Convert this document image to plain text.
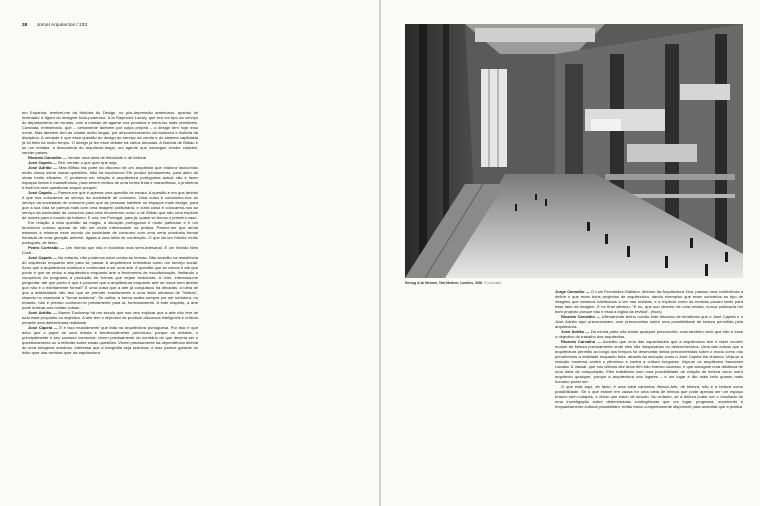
38 Jornal Arquitectos / 233

em Espanha, lembrei-me da História do Design, no pós-depressão americano, quando foi inventado a figura do designer todo-poderoso, à la Raymond Loewy, que era um tipo ao serviço do departamento de vendas, com a missão de agarrar nos produtos e torná-los mais vendáveis. Constata, entristecido, que – certamente também por culpa própria – o design tem hoje mau nome. Mas também tem as costas muito largas, por desconhecimento da natureza e história da disciplina. A verdade é que essa questão do design ao serviço da venda e do sistema capitalista já foi feita há muito tempo. O design já fez esse debate há vários décadas. A história de Bilbau é só um remake, a descoberta do arquitecto-mago, um agente que consegue vender cidades, vender países.

Ricardo Carvalho — Vender uma ideia de felicidade e de beleza!

José Capela — Sim, vender o que quer que seja.

José Adrião — Mas Bilbau faz parte do discurso de um arquitecto que elabora raciocínios muito claros sobre essas questões. Não há equívocos! Ele produz pensamento, para além de obras muito eficazes. O problema em relação à arquitectura portuguesa actual não é fazer espaços lindos e maravilhosos, para serem vividos de uma forma linda e maravilhosa, o problema é fazê-los sem questionar sequer porquê!

José Capela — Parece-me que é apenas uma questão de escala. A questão é em que âmbito é que nos colocamos ao serviço da sociedade de consumo. Uma coisa é colocarmo-nos ao serviço da sociedade de consumo para que as pessoas habitem os espaços mais design, para que a sua vida se pareça mais com uma imagem publicitária, e outra coisa é colocarmo-nos ao serviço da sociedade de consumo para criar fenómenos como o de Bilbau que são uma espécie de ícones para o mundo do turismo. E nós, em Portugal, para já, quase só temos o primeiro caso.

Em relação a esta questão da magia, a situação portuguesa é muito particular e é um fenómeno curioso apesar de não ser muito interessante na prática. Parece-me que ainda estamos a misturar esse mundo da sociedade de consumo com uma certa ortodoxia formal herdada de uma geração anterior, ligada a uma ideia de contenção. O que dá um híbrido muito português, de facto.

Pedro Cortesão — Um híbrido que não é industrial mas semi-artesanal. É um híbrido New Craft...

José Capela — No entanto, não podemos estar contra as formas. Não acredito na resistência do arquitecto enquanto arte para se passar à arquitectura entendida como um serviço social. Acho que a arquitectura continua e continuará a ser uma arte. A questão que se coloca é até que ponto é que se reduz a arquitectura enquanto arte a fenómenos de esculturização, limitando o cumprindo do programa à produção de formas que sejam sedutoras. A mim, interessa-me perguntar: até que ponto é que é possível que a arquitectura enquanto arte se mova num âmbito que não é o estritamente formal? É uma coisa que a arte já conquistou há décadas: a ideia de que a artisticidade não tem que se prender exactamente a uma ideia ortodoxa de "beleza", visando no essencial a "forma sedutora". Se calhar, a forma acaba sempre por ser sedutora, no entanto, não é preciso conhecer-te previamente para iá, formosamente. A este respeito, a arte pode ensinar-nos muitas coisas...

José Adrião — Marcel Duchamp há um século que nos veio explicar que a arte não tem de todo esse propósito ou objectivo. A arte tem o objectivo de produzir discursos inteligíveis e críticos perante uma determinada realidade.

José Capela — E é isso exactamente que falta na arquitectura portuguesa. Por isso é que acho que o papel de uma revista é tendencialmente pernicioso, porque os revistas, o principalmente o seu sucesso comercial, vivem precisamente do contrário do que deveria ser o questionamento ou a reflexão sobre essas questões. Vivem precisamente da dependência directa de uma fotogenia ortodoxa. Interessa que a fotografia seja sedutora, e isso parece garante do êxito quer das revistas quer da arquitectura.

Herzog & de Meuron, Tate Modern, Londres, 2000. © nova arte

Jorge Carvalho — O Luís Fernández-Galliano, director da Arquitectura Viva, passou uma conferência a definir o que eram bons projectos de arquitectura, dando exemplos que eram contrários ao tipo de imagens que estamos habituados a ver nas revistas, e a explicar como as revistas puxam tanto para esse lado da imagem. E no final afirmou: "E eu, que sou director de uma revista, nunca publicaria um bom projecto porque não é essa a lógica da revista". (risos)

Ricardo Carvalho — Ultimamente tenho ouvido este discurso de tendência que o José Capela e o José Adrião aqui preconizaram, com preconceitos sobre uma possibilidade de beleza permitida pela arquitectura.

José Adrião — Da minha parte não existe qualquer preconceito, mas também creio que não é esse o objectivo do trabalho dos arquitectos.

Ricardo Carvalho — Acredito que uma das capacidades que a arquitectura tem é fazer ocorrer modos de beleza precisamente onde eles são inesperados ou desconhecidos. Uma das coisas que a arquitectura permitiu ao longo dos tempos foi desmontar ideias preconcebidas sobre o modo como nós percebemos a realidade enquanto bela, através da sedução como o José Capela lhe chamou. Veja-se a reacção moderna contra o pitoresco e contra a cultura burguesa. Veja-se os arquitectos franceses Lacaton & Vassal, que nos últimos dez anos têm tido imenso sucesso, e que advogam uma distância de uma ideia de composição. Eles trabalham com uma possibilidade de criação de beleza como outro arquitecto qualquer, porque a arquitectura cria lugares – e um lugar é tão mais belo quanto mais humano puder ser.

O que está aqui, de facto, é uma ideia canónica, Beaux-Arts, de beleza, não é a beleza como possibilidade. Se o que estiver em causa for uma ideia de beleza que pode apenas ser um espaço branco sem rodapés, é óbvio que estou de acordo. No entanto, se a beleza puder ser o resultado de uma investigação sobre determinadas contingências que um lugar, programa, orçamento e enquadramento cultural possibilitam, então estou completamente disponível para acreditar que a prática
